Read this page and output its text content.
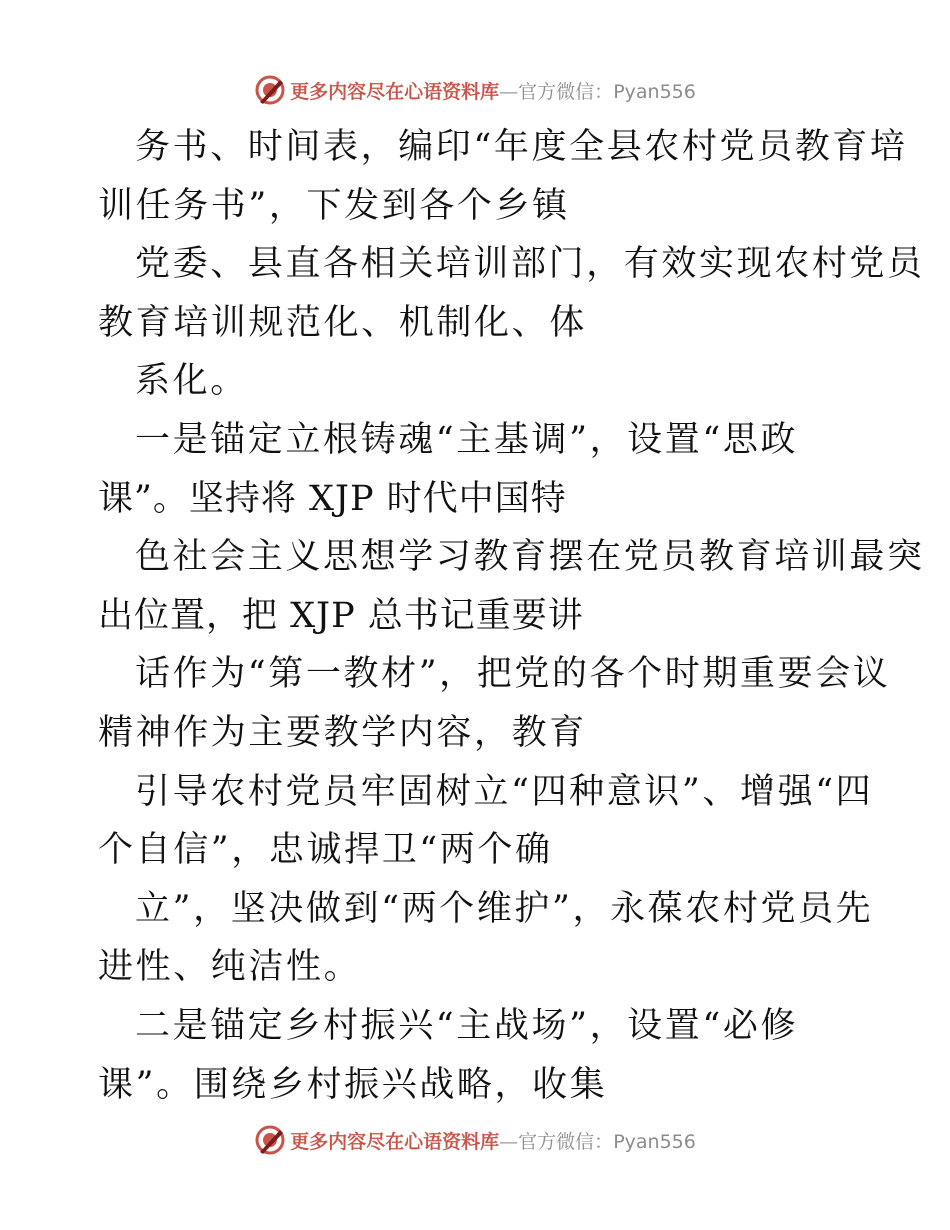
更多内容尽在心语资料库—官方微信：Pyan556
务书、时间表，编印“年度全县农村党员教育培
训任务书”，下发到各个乡镇
党委、县直各相关培训部门，有效实现农村党员
教育培训规范化、机制化、体
系化。
一是锚定立根铸魂“主基调”，设置“思政
课”。坚持将 XJP 时代中国特
色社会主义思想学习教育摆在党员教育培训最突
出位置，把 XJP 总书记重要讲
话作为“第一教材”，把党的各个时期重要会议
精神作为主要教学内容，教育
引导农村党员牢固树立“四种意识”、增强“四
个自信”，忠诚捍卫“两个确
立”，坚决做到“两个维护”，永葆农村党员先
进性、纯洁性。
二是锚定乡村振兴“主战场”，设置“必修
课”。围绕乡村振兴战略，收集
更多内容尽在心语资料库—官方微信：Pyan556
